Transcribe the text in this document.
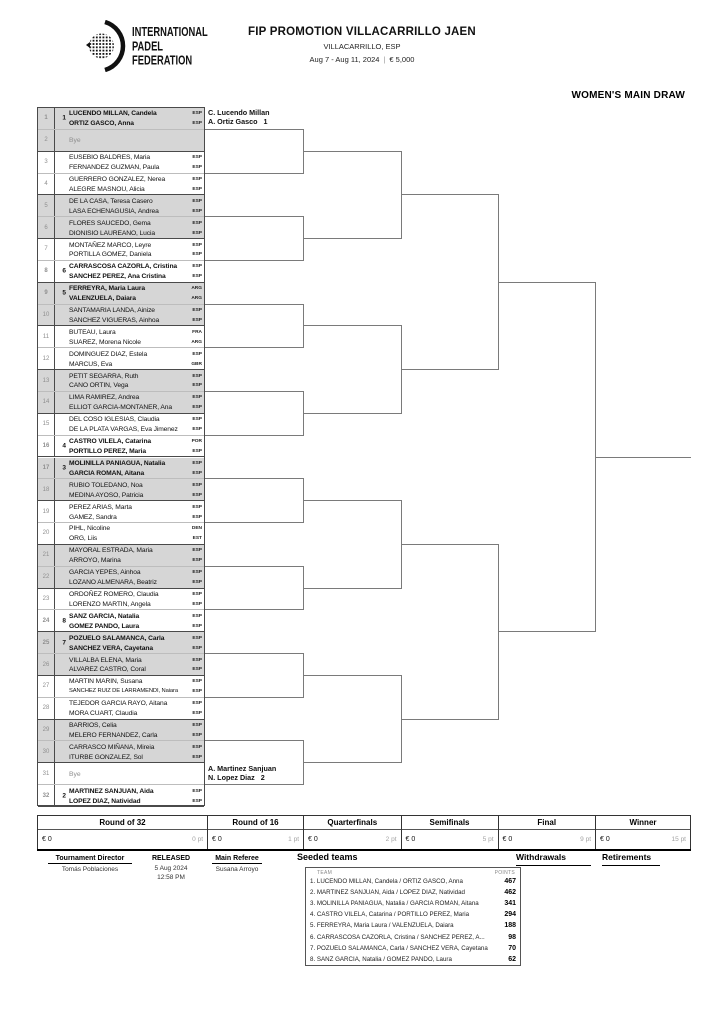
INTERNATIONAL
PADEL
FEDERATION
FIP PROMOTION VILLACARRILLO JAEN
VILLACARRILLO, ESP
Aug 7 - Aug 11, 2024 | € 5,000
WOMEN'S MAIN DRAW
1	1
LUCENDO MILLAN, Candela	ESP
ORTIZ GASCO, Anna	ESP
2	Bye
3
EUSEBIO BALDRES, Maria	ESP
FERNANDEZ GUZMAN, Paula	ESP
4
GUERRERO GONZALEZ, Nerea	ESP
ALEGRE MASNOU, Alicia	ESP
5
DE LA CASA, Teresa Casero	ESP
LASA ECHENAGUSIA, Andrea	ESP
6
FLORES SAUCEDO, Gema	ESP
DIONISIO LAUREANO, Lucia	ESP
7
MONTAÑEZ MARCO, Leyre	ESP
PORTILLA GOMEZ, Daniela	ESP
8	6
CARRASCOSA CAZORLA, Cristina	ESP
SANCHEZ PEREZ, Ana Cristina	ESP
9	5
FERREYRA, Maria Laura	ARG
VALENZUELA, Daiara	ARG
10
SANTAMARIA LANDA, Ainize	ESP
SANCHEZ VIGUERAS, Ainhoa	ESP
11
BUTEAU, Laura	FRA
SUAREZ, Morena Nicole	ARG
12
DOMINGUEZ DIAZ, Estela	ESP
MARCUS, Eva	GBR
13
PETIT SEGARRA, Ruth	ESP
CANO ORTIN, Vega	ESP
14
LIMA RAMIREZ, Andrea	ESP
ELLIOT GARCIA-MONTANER, Ana	ESP
15
DEL COSO IGLESIAS, Claudia	ESP
DE LA PLATA VARGAS, Eva Jimenez	ESP
16	4
CASTRO VILELA, Catarina	POR
PORTILLO PEREZ, Maria	ESP
17	3
MOLINILLA PANIAGUA, Natalia	ESP
GARCIA ROMAN, Aitana	ESP
18
RUBIO TOLEDANO, Noa	ESP
MEDINA AYOSO, Patricia	ESP
19
PEREZ ARIAS, Marta	ESP
GAMEZ, Sandra	ESP
20
PIHL, Nicoline	DEN
ORG, Liis	EST
21
MAYORAL ESTRADA, Maria	ESP
ARROYO, Marina	ESP
22
GARCIA YEPES, Ainhoa	ESP
LOZANO ALMENARA, Beatriz	ESP
23
ORDOÑEZ ROMERO, Claudia	ESP
LORENZO MARTIN, Angela	ESP
24	8
SANZ GARCIA, Natalia	ESP
GOMEZ PANDO, Laura	ESP
25	7
POZUELO SALAMANCA, Carla	ESP
SANCHEZ VERA, Cayetana	ESP
26
VILLALBA ELENA, Maria	ESP
ALVAREZ CASTRO, Coral	ESP
27
MARTIN MARIN, Susana	ESP
SANCHEZ RUIZ DE LARRAMENDI, Naiara	ESP
28
TEJEDOR GARCIA RAYO, Aitana	ESP
MORA CUART, Claudia	ESP
29
BARRIOS, Celia	ESP
MELERO FERNANDEZ, Carla	ESP
30
CARRASCO MIÑANA, Mireia	ESP
ITURBE GONZALEZ, Sol	ESP
31	Bye
32	2
MARTINEZ SANJUAN, Aida	ESP
LOPEZ DIAZ, Natividad	ESP
C. Lucendo Millan
A. Ortiz Gasco 1
A. Martinez Sanjuan
N. Lopez Diaz 2
Round of 32
€ 0	0 pt
Round of 16
€ 0	1 pt
Quarterfinals
€ 0	2 pt
Semifinals
€ 0	5 pt
Final
€ 0	9 pt
Winner
€ 0	15 pt
Tournament Director
Tomás Poblaciones
RELEASED
5 Aug 2024
12:58 PM
Main Referee
Susana Arroyo
Seeded teams
TEAM	POINTS
1. LUCENDO MILLAN, Candela / ORTIZ GASCO, Anna	467
2. MARTINEZ SANJUAN, Aida / LOPEZ DIAZ, Natividad	462
3. MOLINILLA PANIAGUA, Natalia / GARCIA ROMAN, Aitana	341
4. CASTRO VILELA, Catarina / PORTILLO PEREZ, Maria	294
5. FERREYRA, Maria Laura / VALENZUELA, Daiara	188
6. CARRASCOSA CAZORLA, Cristina / SANCHEZ PEREZ, A...	98
7. POZUELO SALAMANCA, Carla / SANCHEZ VERA, Cayetana	70
8. SANZ GARCIA, Natalia / GOMEZ PANDO, Laura	62
Withdrawals	Retirements
